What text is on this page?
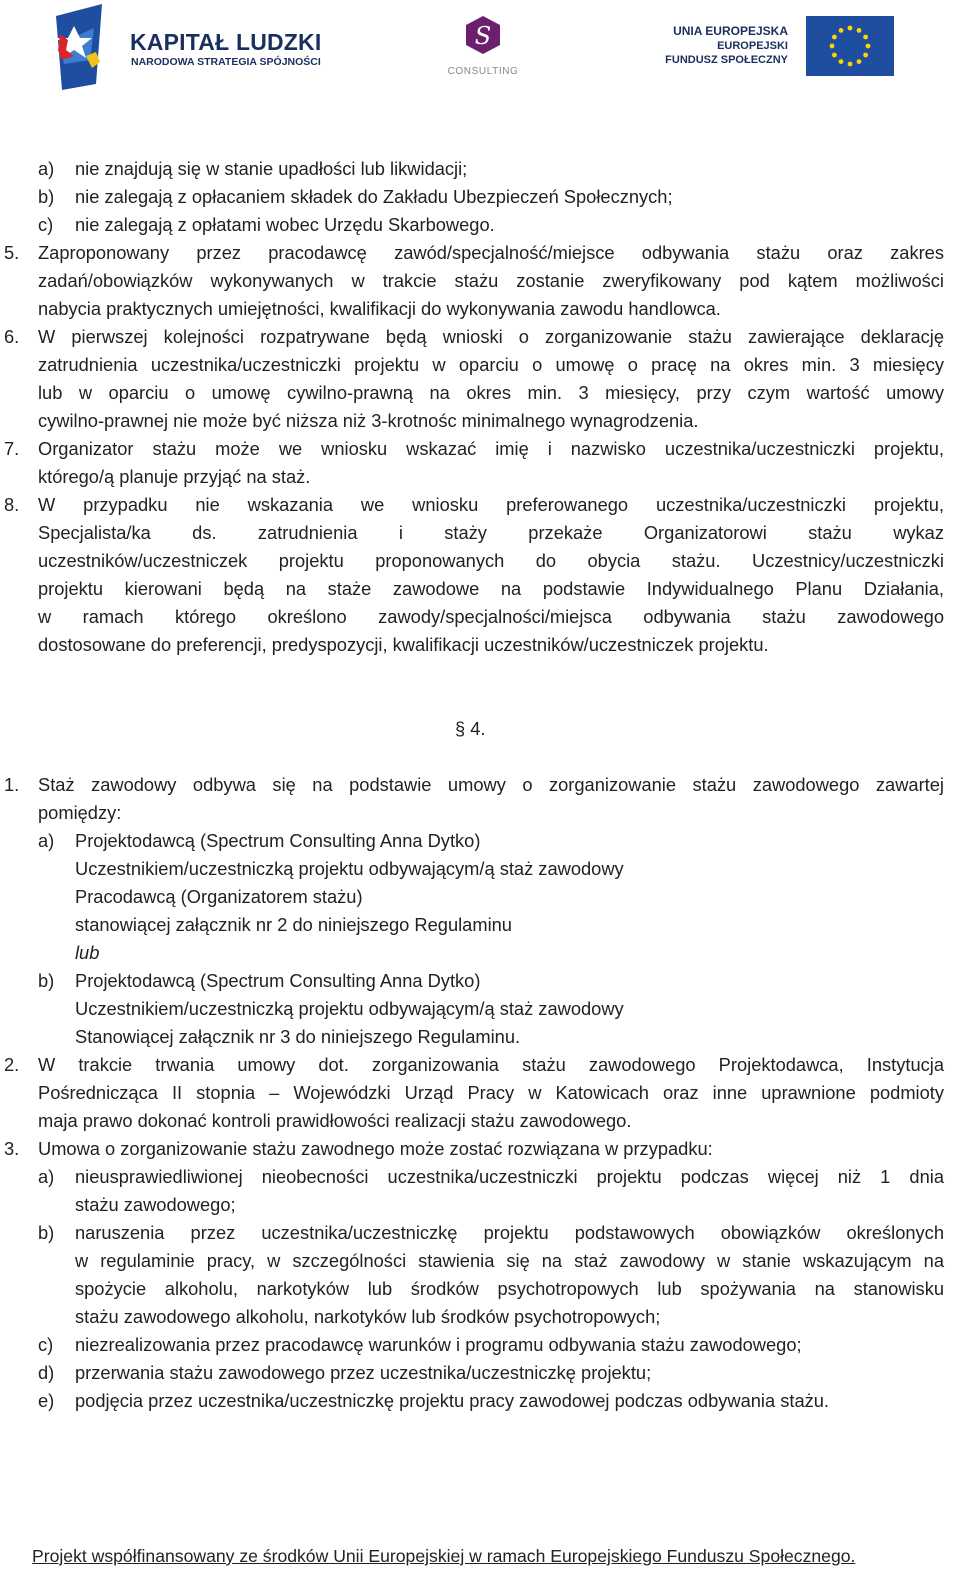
KAPITAŁ LUDZKI
NARODOWA STRATEGIA SPÓJNOŚCI
S
CONSULTING
UNIA EUROPEJSKA
EUROPEJSKI
FUNDUSZ SPOŁECZNY
a) nie znajdują się w stanie upadłości lub likwidacji;
b) nie zalegają z opłacaniem składek do Zakładu Ubezpieczeń Społecznych;
c) nie zalegają z opłatami wobec Urzędu Skarbowego.
5. Zaproponowany przez pracodawcę zawód/specjalność/miejsce odbywania stażu oraz zakres
zadań/obowiązków wykonywanych w trakcie stażu zostanie zweryfikowany pod kątem możliwości
nabycia praktycznych umiejętności, kwalifikacji do wykonywania zawodu handlowca.
6. W pierwszej kolejności rozpatrywane będą wnioski o zorganizowanie stażu zawierające deklarację
zatrudnienia uczestnika/uczestniczki projektu w oparciu o umowę o pracę na okres min. 3 miesięcy
lub w oparciu o umowę cywilno-prawną na okres min. 3 miesięcy, przy czym wartość umowy
cywilno-prawnej nie może być niższa niż 3-krotnośc minimalnego wynagrodzenia.
7. Organizator stażu może we wniosku wskazać imię i nazwisko uczestnika/uczestniczki projektu,
którego/ą planuje przyjąć na staż.
8. W przypadku nie wskazania we wniosku preferowanego uczestnika/uczestniczki projektu,
Specjalista/ka ds. zatrudnienia i staży przekaże Organizatorowi stażu wykaz
uczestników/uczestniczek projektu proponowanych do obycia stażu. Uczestnicy/uczestniczki
projektu kierowani będą na staże zawodowe na podstawie Indywidualnego Planu Działania,
w ramach którego określono zawody/specjalności/miejsca odbywania stażu zawodowego
dostosowane do preferencji, predyspozycji, kwalifikacji uczestników/uczestniczek projektu.
§ 4.
1. Staż zawodowy odbywa się na podstawie umowy o zorganizowanie stażu zawodowego zawartej
pomiędzy:
a) Projektodawcą (Spectrum Consulting Anna Dytko)
Uczestnikiem/uczestniczką projektu odbywającym/ą staż zawodowy
Pracodawcą (Organizatorem stażu)
stanowiącej załącznik nr 2 do niniejszego Regulaminu
lub
b) Projektodawcą (Spectrum Consulting Anna Dytko)
Uczestnikiem/uczestniczką projektu odbywającym/ą staż zawodowy
Stanowiącej załącznik nr 3 do niniejszego Regulaminu.
2. W trakcie trwania umowy dot. zorganizowania stażu zawodowego Projektodawca, Instytucja
Pośrednicząca II stopnia – Wojewódzki Urząd Pracy w Katowicach oraz inne uprawnione podmioty
maja prawo dokonać kontroli prawidłowości realizacji stażu zawodowego.
3. Umowa o zorganizowanie stażu zawodnego może zostać rozwiązana w przypadku:
a) nieusprawiedliwionej nieobecności uczestnika/uczestniczki projektu podczas więcej niż 1 dnia
stażu zawodowego;
b) naruszenia przez uczestnika/uczestniczkę projektu podstawowych obowiązków określonych
w regulaminie pracy, w szczególności stawienia się na staż zawodowy w stanie wskazującym na
spożycie alkoholu, narkotyków lub środków psychotropowych lub spożywania na stanowisku
stażu zawodowego alkoholu, narkotyków lub środków psychotropowych;
c) niezrealizowania przez pracodawcę warunków i programu odbywania stażu zawodowego;
d) przerwania stażu zawodowego przez uczestnika/uczestniczkę projektu;
e) podjęcia przez uczestnika/uczestniczkę projektu pracy zawodowej podczas odbywania stażu.
Projekt współfinansowany ze środków Unii Europejskiej w ramach Europejskiego Funduszu Społecznego.
